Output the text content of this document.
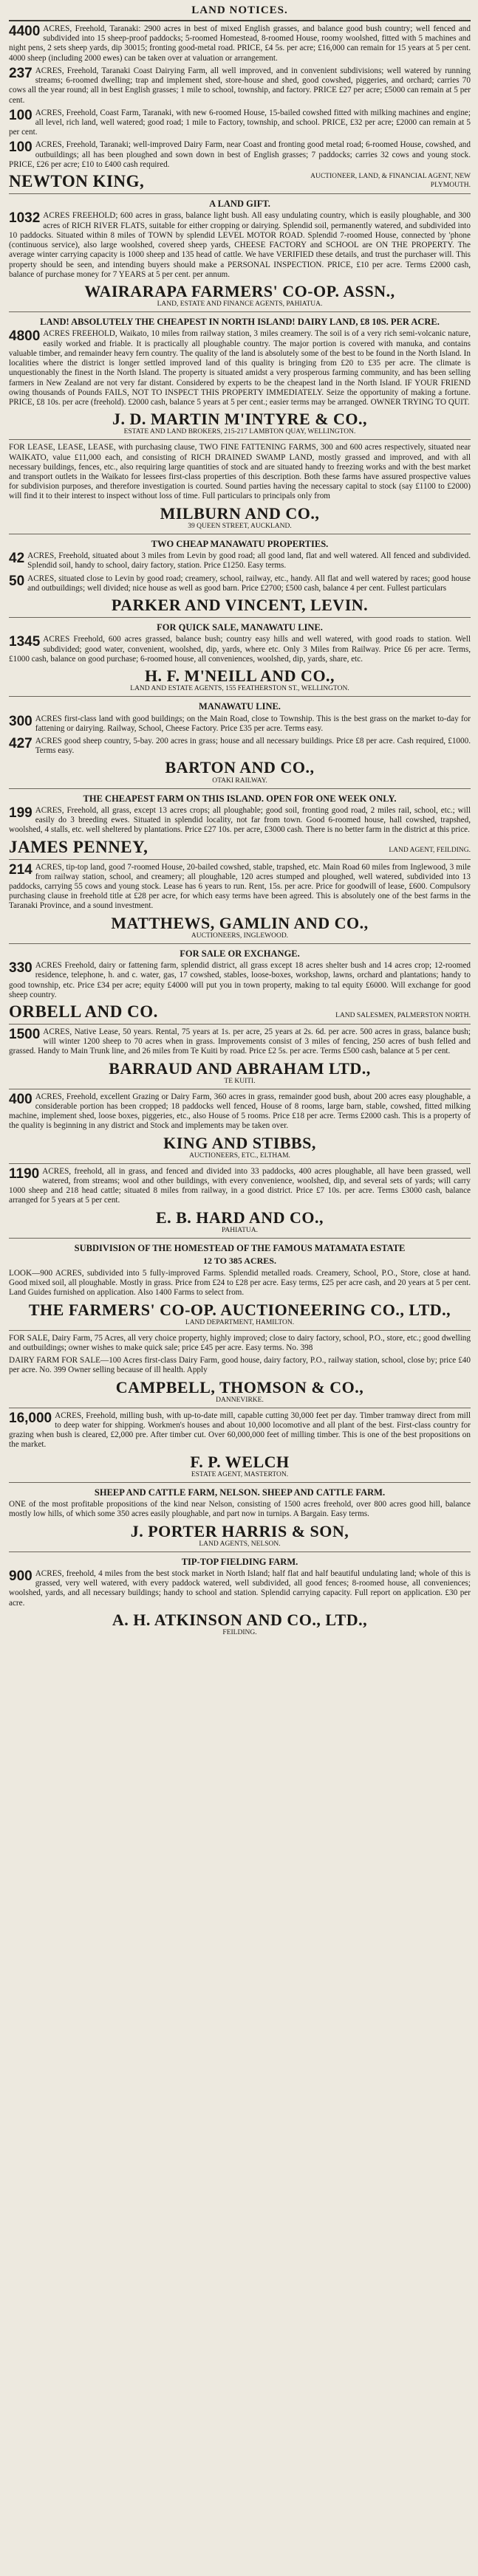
LAND NOTICES.
4400 ACRES, Freehold, Taranaki: 2900 acres in best of mixed English grasses, and balance good bush country; well fenced and subdivided into 15 sheep-proof paddocks; 5-roomed Homestead, 8-roomed House, roomy woolshed, fitted with 5 machines and night pens, 2 sets sheep yards, dip 30015; fronting good-metal road. PRICE, £4 5s. per acre; £16,000 can remain for 15 years at 5 per cent. 4000 sheep (including 2000 ewes) can be taken over at valuation or arrangement.
237 ACRES, Freehold, Taranaki Coast Dairying Farm, all well improved, and in convenient subdivisions; well watered by running streams; 6-roomed dwelling; trap and implement shed, store-house and shed, good cowshed, piggeries, and orchard; carries 70 cows all the year round; all in best English grasses; 1 mile to school, township, and factory. PRICE £27 per acre; £5000 can remain at 5 per cent.
100 ACRES, Freehold, Coast Farm, Taranaki, with new 6-roomed House, 15-bailed cowshed fitted with milking machines and engine; all level, rich land, well watered; good road; 1 mile to Factory, township, and school. PRICE, £32 per acre; £2000 can remain at 5 per cent.
100 ACRES, Freehold, Taranaki; well-improved Dairy Farm, near Coast and fronting good metal road; 6-roomed House, cowshed, and outbuildings; all has been ploughed and sown down in best of English grasses; 7 paddocks; carries 32 cows and young stock. PRICE, £26 per acre; £10 to £400 cash required.
NEWTON KING,	AUCTIONEER, LAND, & FINANCIAL AGENT, NEW PLYMOUTH.
A LAND GIFT.
1032 ACRES FREEHOLD; 600 acres in grass, balance light bush. All easy undulating country, which is easily ploughable, and 300 acres of RICH RIVER FLATS, suitable for either cropping or dairying. Splendid soil, permanently watered, and subdivided into 10 paddocks. Situated within 8 miles of TOWN by splendid LEVEL MOTOR ROAD. Splendid 7-roomed House, connected by 'phone (continuous service), also large woolshed, covered sheep yards, CHEESE FACTORY and SCHOOL are ON THE PROPERTY. The average winter carrying capacity is 1000 sheep and 135 head of cattle. We have VERIFIED these details, and trust the purchaser will. This property should be seen, and intending buyers should make a PERSONAL INSPECTION. PRICE, £10 per acre. Terms £2000 cash, balance of purchase money for 7 YEARS at 5 per cent. per annum.
WAIRARAPA FARMERS' CO-OP. ASSN.,
LAND, ESTATE AND FINANCE AGENTS, PAHIATUA.
LAND! ABSOLUTELY THE CHEAPEST IN NORTH ISLAND! DAIRY LAND, £8 10S. PER ACRE.
4800 ACRES FREEHOLD, Waikato, 10 miles from railway station, 3 miles creamery. The soil is of a very rich semi-volcanic nature, easily worked and friable. It is practically all ploughable country. The major portion is covered with manuka, and contains valuable timber, and remainder heavy fern country. The quality of the land is absolutely some of the best to be found in the North Island. In localities where the district is longer settled improved land of this quality is bringing from £20 to £35 per acre. The climate is unquestionably the finest in the North Island. The property is situated amidst a very prosperous farming community, and has been selling farmers in New Zealand are not very far distant. Considered by experts to be the cheapest land in the North Island. IF YOUR FRIEND owing thousands of Pounds FAILS, NOT TO INSPECT THIS PROPERTY IMMEDIATELY. Seize the opportunity of making a fortune. PRICE, £8 10s. per acre (freehold). £2000 cash, balance 5 years at 5 per cent.; easier terms may be arranged. OWNER TRYING TO QUIT.
J. D. MARTIN M'INTYRE & CO.,
ESTATE AND LAND BROKERS, 215-217 LAMBTON QUAY, WELLINGTON.
FOR LEASE, LEASE, LEASE, with purchasing clause, TWO FINE FATTENING FARMS, 300 and 600 acres respectively, situated near WAIKATO, value £11,000 each, and consisting of RICH DRAINED SWAMP LAND, mostly grassed and improved, and with all necessary buildings, fences, etc., also requiring large quantities of stock and are situated handy to freezing works and with the best market and transport outlets in the Waikato for lessees first-class properties of this description. Both these farms have assured prospective values for subdivision purposes, and therefore investigation is courted. Sound parties having the necessary capital to stock (say £1100 to £2000) will find it to their interest to inspect without loss of time. Full particulars to principals only from
MILBURN AND CO.,
39 QUEEN STREET, AUCKLAND.
TWO CHEAP MANAWATU PROPERTIES.
42 ACRES, Freehold, situated about 3 miles from Levin by good road; all good land, flat and well watered. All fenced and subdivided. Splendid soil, handy to school, dairy factory, station. Price £1250. Easy terms.
50 ACRES, situated close to Levin by good road; creamery, school, railway, etc., handy. All flat and well watered by races; good house and outbuildings; well divided; nice house as well as good barn. Price £2700; £500 cash, balance 4 per cent. Fullest particulars
PARKER AND VINCENT, LEVIN.
FOR QUICK SALE, MANAWATU LINE.
1345 ACRES Freehold, 600 acres grassed, balance bush; country easy hills and well watered, with good roads to station. Well subdivided; good water, convenient, woolshed, dip, yards, where etc. Only 3 Miles from Railway. Price £6 per acre. Terms, £1000 cash, balance on good purchase; 6-roomed house, all conveniences, woolshed, dip, yards, share, etc.
H. F. M'NEILL AND CO.,
LAND AND ESTATE AGENTS, 155 FEATHERSTON ST., WELLINGTON.
MANAWATU LINE.
300 ACRES first-class land with good buildings; on the Main Road, close to Township. This is the best grass on the market to-day for fattening or dairying. Railway, School, Cheese Factory. Price £35 per acre. Terms easy.
427 ACRES good sheep country, 5-bay. 200 acres in grass; house and all necessary buildings. Price £8 per acre. Cash required, £1000. Terms easy.
BARTON AND CO.,
OTAKI RAILWAY.
THE CHEAPEST FARM ON THIS ISLAND. OPEN FOR ONE WEEK ONLY.
199 ACRES, Freehold, all grass, except 13 acres crops; all ploughable; good soil, fronting good road, 2 miles rail, school, etc.; will easily do 3 breeding ewes. Situated in splendid locality, not far from town. Good 6-roomed house, hall cowshed, trapshed, woolshed, 4 stalls, etc. well sheltered by plantations. Price £27 10s. per acre, £3000 cash. There is no better farm in the district at this price.
JAMES PENNEY,	LAND AGENT, FEILDING.
214 ACRES, tip-top land, good 7-roomed House, 20-bailed cowshed, stable, trapshed, etc. Main Road 60 miles from Inglewood, 3 mile from railway station, school, and creamery; all ploughable, 120 acres stumped and ploughed, well watered, subdivided into 13 paddocks, carrying 55 cows and young stock. Lease has 6 years to run. Rent, 15s. per acre. Price for goodwill of lease, £600. Compulsory purchasing clause in freehold title at £28 per acre, for which easy terms have been agreed. This is absolutely one of the best farms in the Taranaki Province, and a sound investment.
MATTHEWS, GAMLIN AND CO.,
AUCTIONEERS, INGLEWOOD.
FOR SALE OR EXCHANGE.
330 ACRES Freehold, dairy or fattening farm, splendid district, all grass except 18 acres shelter bush and 14 acres crop; 12-roomed residence, telephone, h. and c. water, gas, 17 cowshed, stables, loose-boxes, workshop, lawns, orchard and plantations; handy to good township, etc. Price £34 per acre; equity £4000 will put you in town property, making to tal equity £6000. Will exchange for good sheep country.
ORBELL AND CO.	LAND SALESMEN, PALMERSTON NORTH.
1500 ACRES, Native Lease, 50 years. Rental, 75 years at 1s. per acre, 25 years at 2s. 6d. per acre. 500 acres in grass, balance bush; will winter 1200 sheep to 70 acres when in grass. Improvements consist of 3 miles of fencing, 250 acres of bush felled and grassed. Handy to Main Trunk line, and 26 miles from Te Kuiti by road. Price £2 5s. per acre. Terms £500 cash, balance at 5 per cent.
BARRAUD AND ABRAHAM LTD.,
TE KUITI.
400 ACRES, Freehold, excellent Grazing or Dairy Farm, 360 acres in grass, remainder good bush, about 200 acres easy ploughable, a considerable portion has been cropped; 18 paddocks well fenced, House of 8 rooms, large barn, stable, cowshed, fitted milking machine, implement shed, loose boxes, piggeries, etc., also House of 5 rooms. Price £18 per acre. Terms £2000 cash. This is a property of the quality is beginning in any district and Stock and implements may be taken over.
KING AND STIBBS,
AUCTIONEERS, ETC., ELTHAM.
1190 ACRES, freehold, all in grass, and fenced and divided into 33 paddocks, 400 acres ploughable, all have been grassed, well watered, from streams; wool and other buildings, with every convenience, woolshed, dip, and several sets of yards; will carry 1000 sheep and 218 head cattle; situated 8 miles from railway, in a good district. Price £7 10s. per acre. Terms £3000 cash, balance arranged for 5 years at 5 per cent.
E. B. HARD AND CO.,
PAHIATUA.
SUBDIVISION OF THE HOMESTEAD OF THE FAMOUS MATAMATA ESTATE
12 TO 385 ACRES.
LOOK—900 ACRES, subdivided into 5 fully-improved Farms. Splendid metalled roads. Creamery, School, P.O., Store, close at hand. Good mixed soil, all ploughable. Mostly in grass. Price from £24 to £28 per acre. Easy terms, £25 per acre cash, and 20 years at 5 per cent. Land Guides furnished on application. Also 1400 Farms to select from.
THE FARMERS' CO-OP. AUCTIONEERING CO., LTD.,
LAND DEPARTMENT, HAMILTON.
FOR SALE, Dairy Farm, 75 Acres, all very choice property, highly improved; close to dairy factory, school, P.O., store, etc.; good dwelling and outbuildings; owner wishes to make quick sale; price £45 per acre. Easy terms. No. 398
DAIRY FARM FOR SALE—100 Acres first-class Dairy Farm, good house, dairy factory, P.O., railway station, school, close by; price £40 per acre. No. 399 Owner selling because of ill health. Apply
CAMPBELL, THOMSON & CO.,
DANNEVIRKE.
16,000 ACRES, Freehold, milling bush, with up-to-date mill, capable cutting 30,000 feet per day. Timber tramway direct from mill to deep water for shipping. Workmen's houses and about 10,000 locomotive and all plant of the best. First-class country for grazing when bush is cleared, £2,000 pre. After timber cut. Over 60,000,000 feet of milling timber. This is one of the best propositions on the market.
F. P. WELCH
ESTATE AGENT, MASTERTON.
SHEEP AND CATTLE FARM, NELSON. SHEEP AND CATTLE FARM.
ONE of the most profitable propositions of the kind near Nelson, consisting of 1500 acres freehold, over 800 acres good hill, balance mostly low hills, of which some 350 acres easily ploughable, and part now in turnips. A Bargain. Easy terms.
J. PORTER HARRIS & SON,
LAND AGENTS, NELSON.
TIP-TOP FIELDING FARM.
900 ACRES, freehold, 4 miles from the best stock market in North Island; half flat and half beautiful undulating land; whole of this is grassed, very well watered, with every paddock watered, well subdivided, all good fences; 8-roomed house, all conveniences; woolshed, yards, and all necessary buildings; handy to school and station. Splendid carrying capacity. Full report on application. £30 per acre.
A. H. ATKINSON AND CO., LTD.,
FEILDING.
